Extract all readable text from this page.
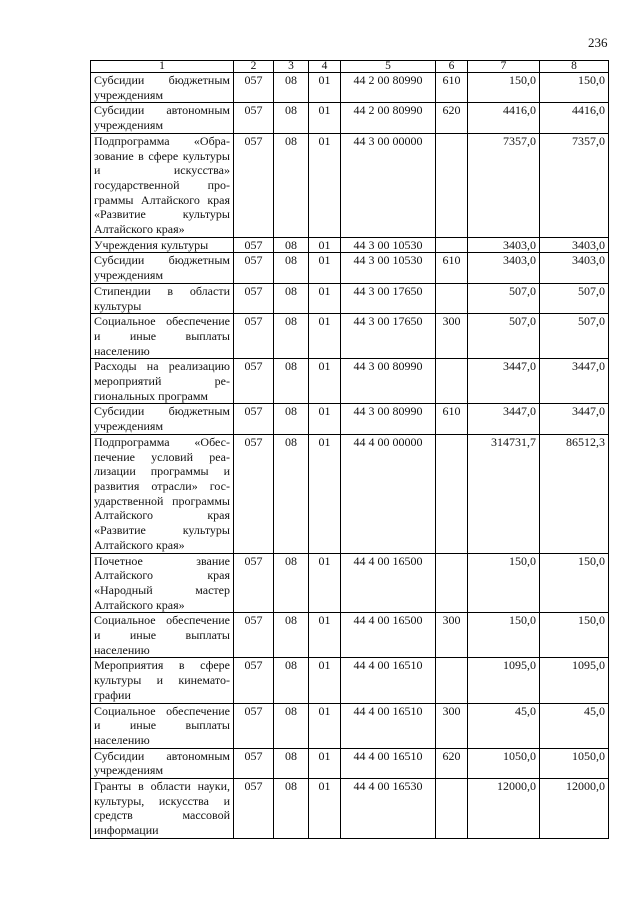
236
1	2	3	4	5	6	7	8
Субсидии бюджетным учреждениям	057	08	01	44 2 00 80990	610	150,0	150,0
Субсидии автономным учреждениям	057	08	01	44 2 00 80990	620	4416,0	4416,0
Подпрограмма «Образование в сфере культуры и искусства» государственной программы Алтайского края «Развитие культуры Алтайского края»	057	08	01	44 3 00 00000		7357,0	7357,0
Учреждения культуры	057	08	01	44 3 00 10530		3403,0	3403,0
Субсидии бюджетным учреждениям	057	08	01	44 3 00 10530	610	3403,0	3403,0
Стипендии в области культуры	057	08	01	44 3 00 17650		507,0	507,0
Социальное обеспечение и иные выплаты населению	057	08	01	44 3 00 17650	300	507,0	507,0
Расходы на реализацию мероприятий региональных программ	057	08	01	44 3 00 80990		3447,0	3447,0
Субсидии бюджетным учреждениям	057	08	01	44 3 00 80990	610	3447,0	3447,0
Подпрограмма «Обеспечение условий реализации программы и развития отрасли» государственной программы Алтайского края «Развитие культуры Алтайского края»	057	08	01	44 4 00 00000		314731,7	86512,3
Почетное звание Алтайского края «Народный мастер Алтайского края»	057	08	01	44 4 00 16500		150,0	150,0
Социальное обеспечение и иные выплаты населению	057	08	01	44 4 00 16500	300	150,0	150,0
Мероприятия в сфере культуры и кинематографии	057	08	01	44 4 00 16510		1095,0	1095,0
Социальное обеспечение и иные выплаты населению	057	08	01	44 4 00 16510	300	45,0	45,0
Субсидии автономным учреждениям	057	08	01	44 4 00 16510	620	1050,0	1050,0
Гранты в области науки, культуры, искусства и средств массовой информации	057	08	01	44 4 00 16530		12000,0	12000,0
